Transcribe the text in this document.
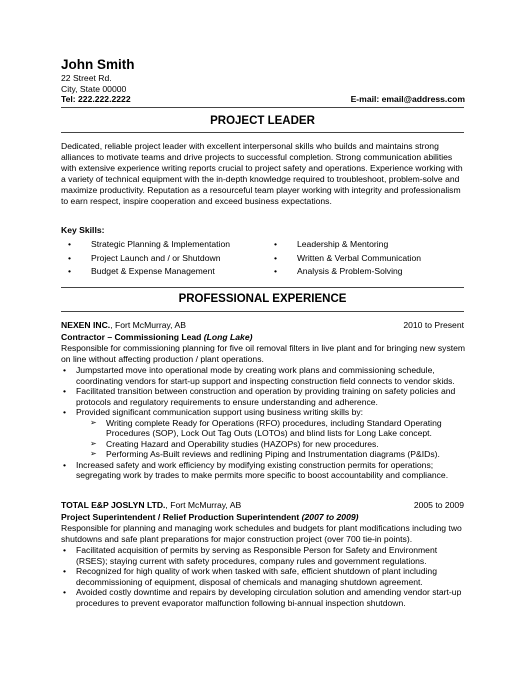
John Smith
22 Street Rd.
City, State 00000
Tel: 222.222.2222	E-mail: email@address.com
PROJECT LEADER
Dedicated, reliable project leader with excellent interpersonal skills who builds and maintains strong alliances to motivate teams and drive projects to successful completion. Strong communication abilities with extensive experience writing reports crucial to project safety and operations. Experience working with a variety of technical equipment with the in-depth knowledge required to troubleshoot, problem-solve and maximize productivity. Reputation as a resourceful team player working with integrity and professionalism to earn respect, inspire cooperation and exceed business expectations.
Key Skills:
• Strategic Planning & Implementation
• Project Launch and / or Shutdown
• Budget & Expense Management
• Leadership & Mentoring
• Written & Verbal Communication
• Analysis & Problem-Solving
PROFESSIONAL EXPERIENCE
NEXEN INC., Fort McMurray, AB	2010 to Present
Contractor – Commissioning Lead (Long Lake)
Responsible for commissioning planning for five oil removal filters in live plant and for bringing new system on line without affecting production / plant operations.
• Jumpstarted move into operational mode by creating work plans and commissioning schedule, coordinating vendors for start-up support and inspecting construction field connects to vendor skids.
• Facilitated transition between construction and operation by providing training on safety policies and protocols and regulatory requirements to ensure understanding and adherence.
• Provided significant communication support using business writing skills by:
➢ Writing complete Ready for Operations (RFO) procedures, including Standard Operating Procedures (SOP), Lock Out Tag Outs (LOTOs) and blind lists for Long Lake concept.
➢ Creating Hazard and Operability studies (HAZOPs) for new procedures.
➢ Performing As-Built reviews and redlining Piping and Instrumentation diagrams (P&IDs).
• Increased safety and work efficiency by modifying existing construction permits for operations; segregating work by trades to make permits more specific to boost accountability and compliance.
TOTAL E&P JOSLYN LTD., Fort McMurray, AB	2005 to 2009
Project Superintendent / Relief Production Superintendent (2007 to 2009)
Responsible for planning and managing work schedules and budgets for plant modifications including two shutdowns and safe plant preparations for major construction project (over 700 tie-in points).
• Facilitated acquisition of permits by serving as Responsible Person for Safety and Environment (RSES); staying current with safety procedures, company rules and government regulations.
• Recognized for high quality of work when tasked with safe, efficient shutdown of plant including decommissioning of equipment, disposal of chemicals and managing shutdown agreement.
• Avoided costly downtime and repairs by developing circulation solution and amending vendor start-up procedures to prevent evaporator malfunction following bi-annual inspection shutdown.
